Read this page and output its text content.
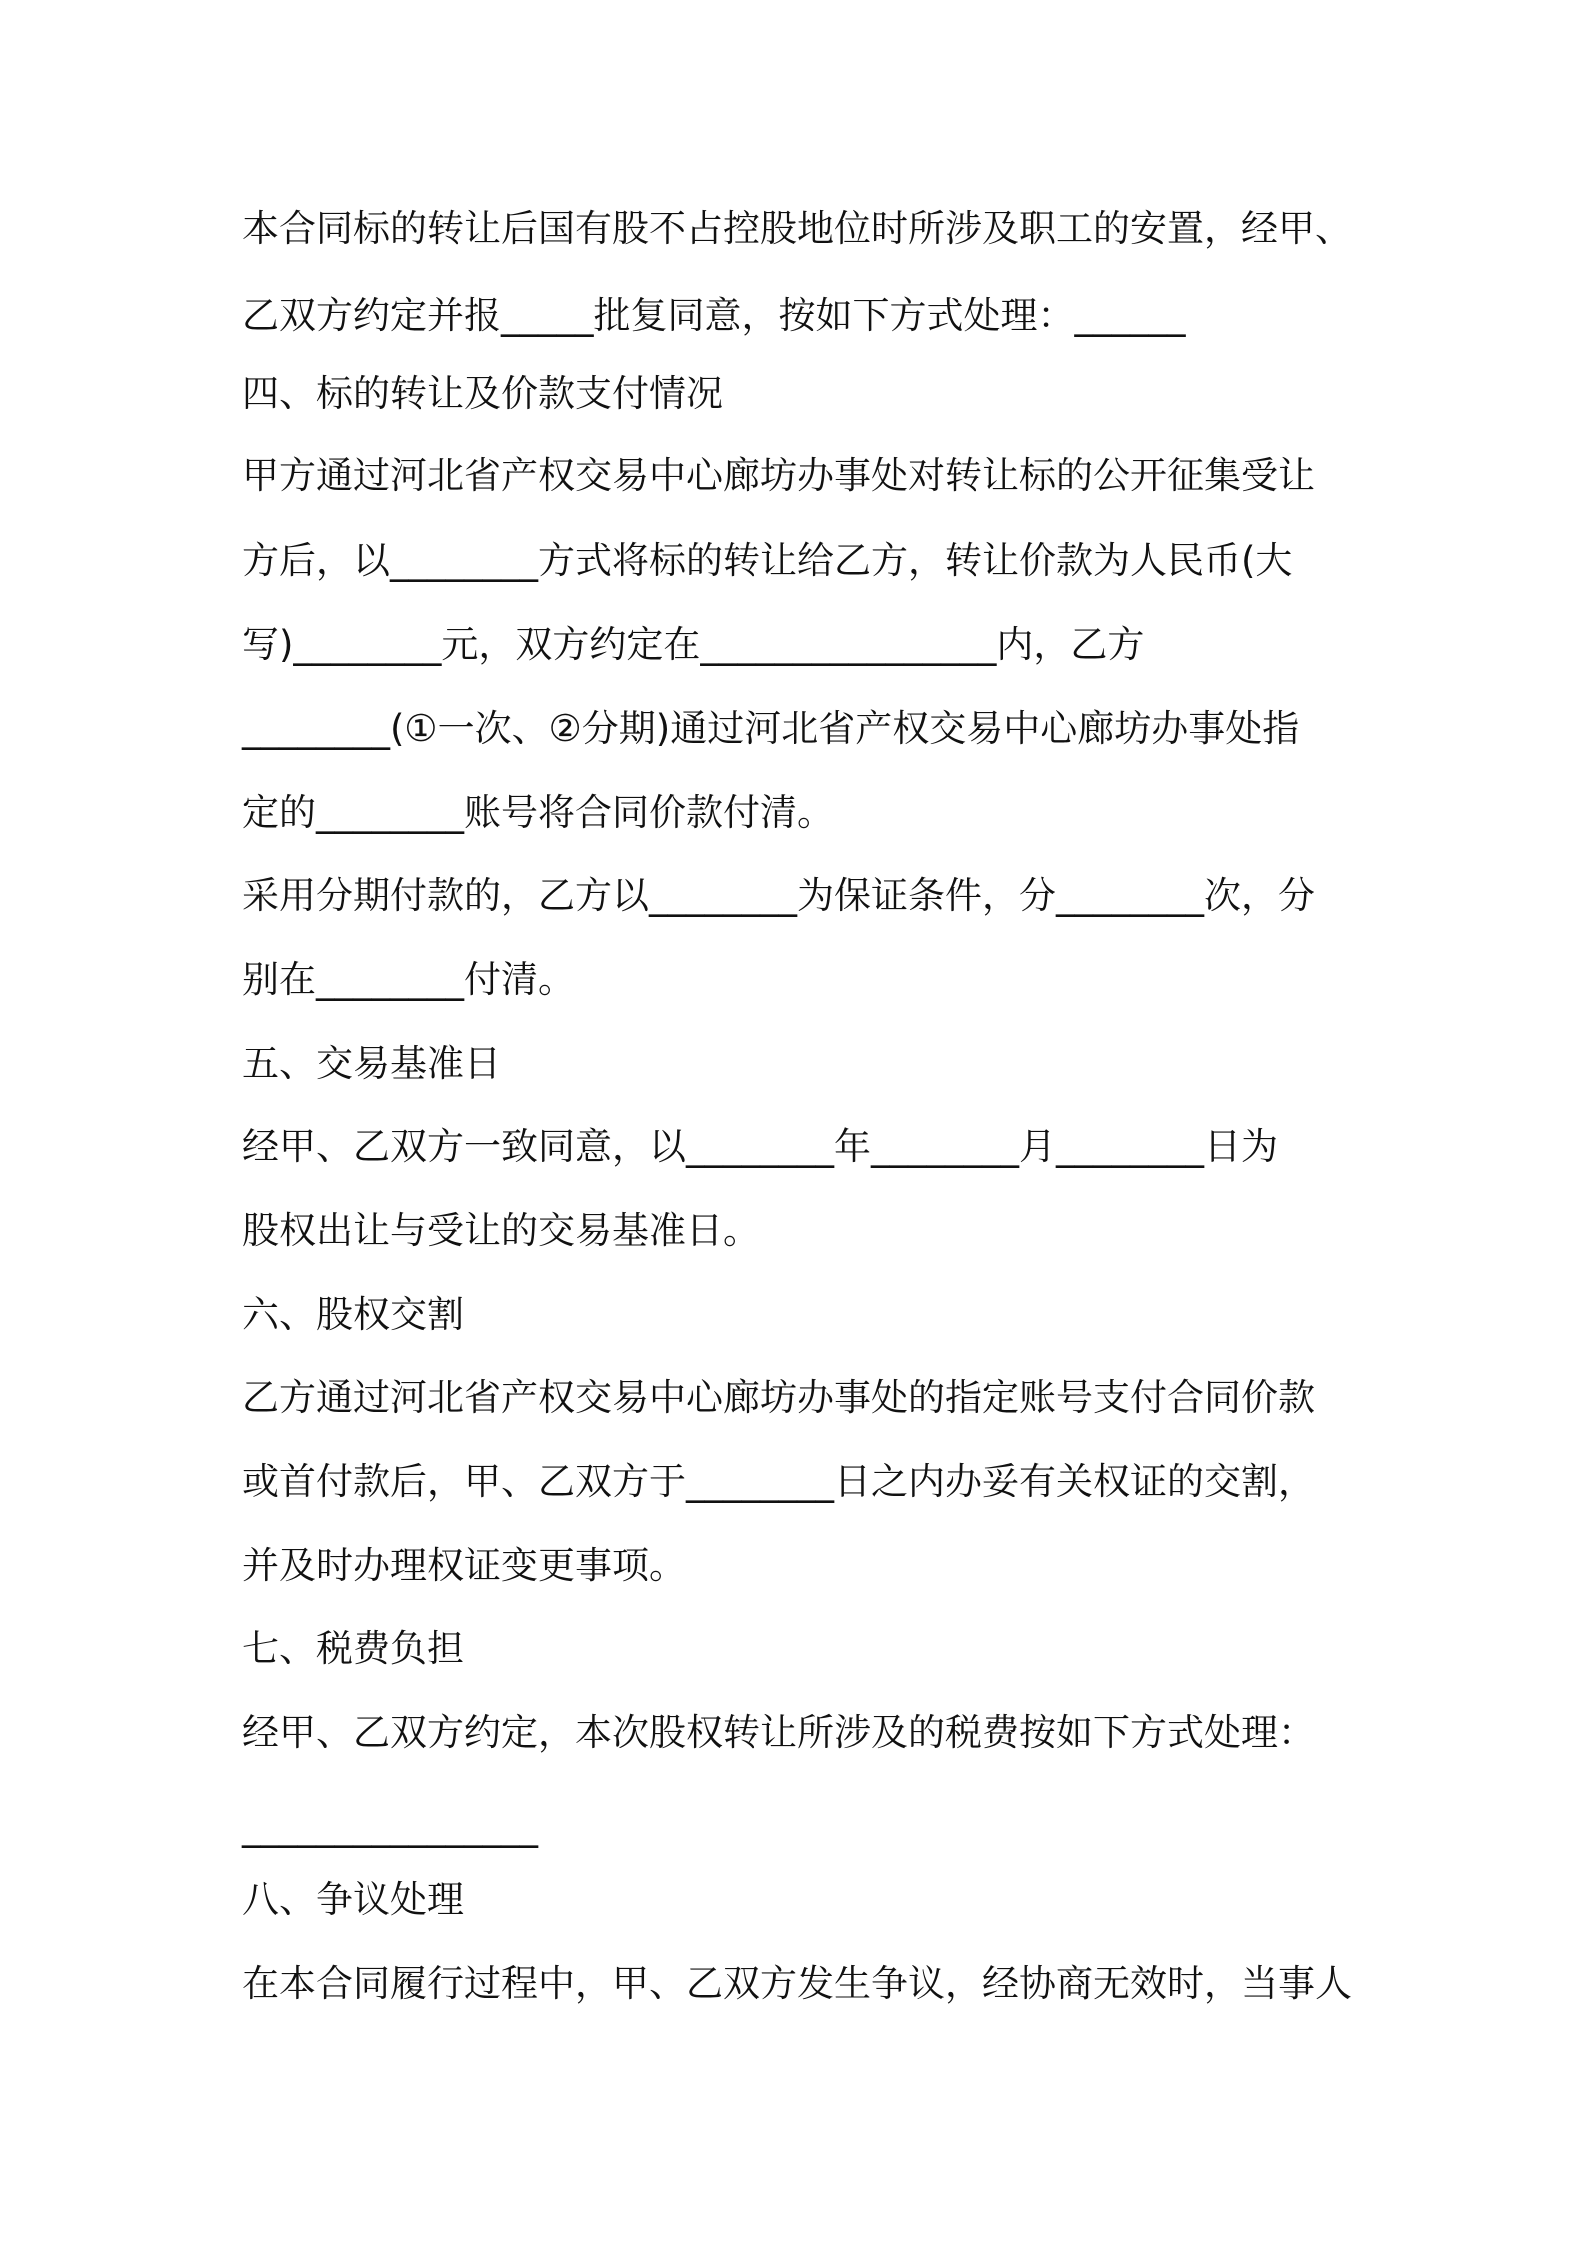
本合同标的转让后国有股不占控股地位时所涉及职工的安置，经甲、
乙双方约定并报_____批复同意，按如下方式处理：______
四、标的转让及价款支付情况
甲方通过河北省产权交易中心廊坊办事处对转让标的公开征集受让
方后，以________方式将标的转让给乙方，转让价款为人民币(大
写)________元，双方约定在________________内，乙方
________(①一次、②分期)通过河北省产权交易中心廊坊办事处指
定的________账号将合同价款付清。
采用分期付款的，乙方以________为保证条件，分________次，分
别在________付清。
五、交易基准日
经甲、乙双方一致同意，以________年________月________日为
股权出让与受让的交易基准日。
六、股权交割
乙方通过河北省产权交易中心廊坊办事处的指定账号支付合同价款
或首付款后，甲、乙双方于________日之内办妥有关权证的交割，
并及时办理权证变更事项。
七、税费负担
经甲、乙双方约定，本次股权转让所涉及的税费按如下方式处理：
________________
八、争议处理
在本合同履行过程中，甲、乙双方发生争议，经协商无效时，当事人
